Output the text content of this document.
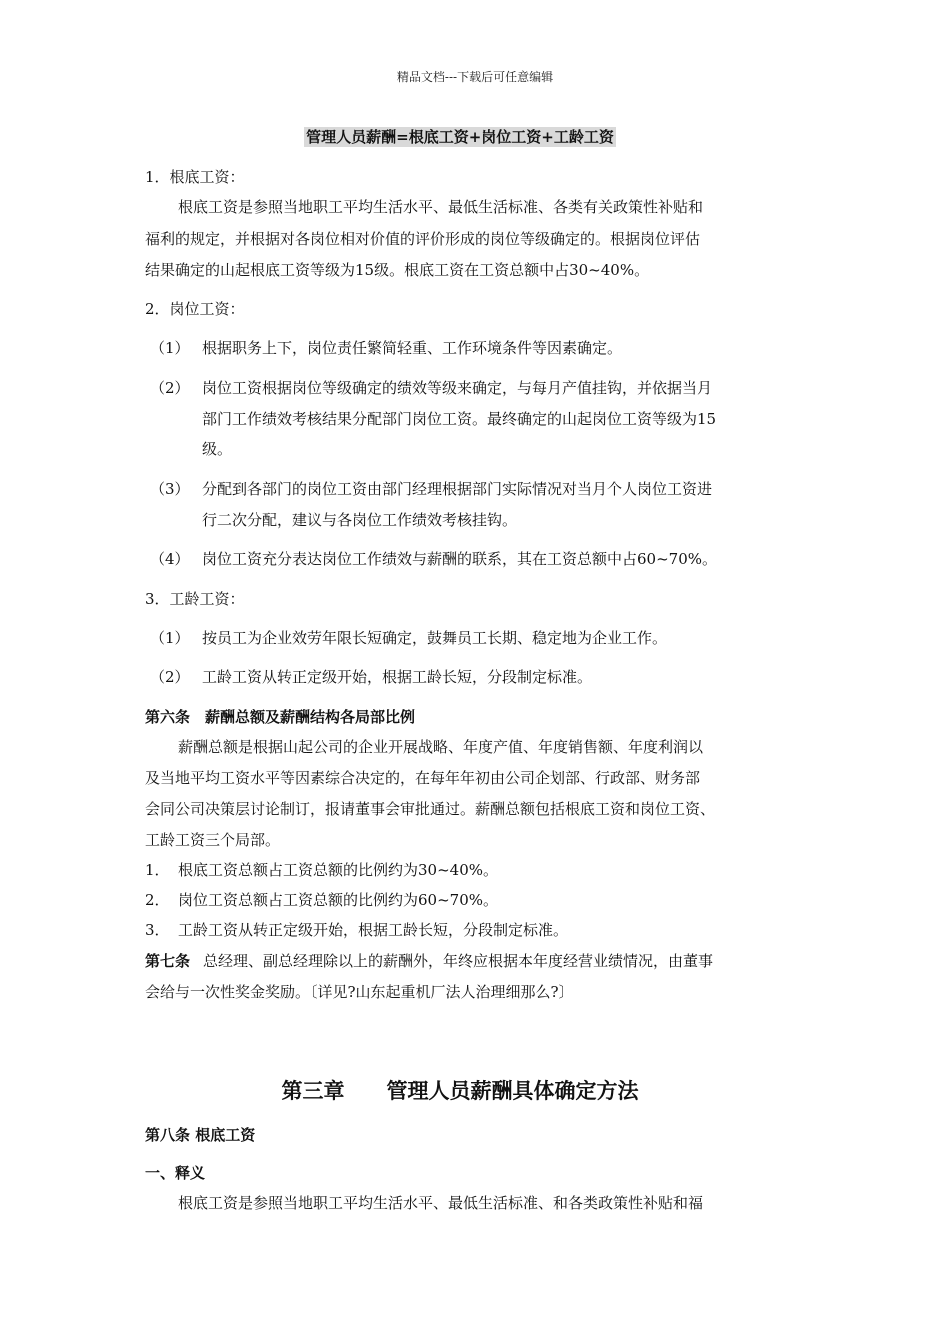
精品文档---下载后可任意编辑
管理人员薪酬=根底工资+岗位工资+工龄工资
1．根底工资：
根底工资是参照当地职工平均生活水平、最低生活标准、各类有关政策性补贴和
福利的规定，并根据对各岗位相对价值的评价形成的岗位等级确定的。根据岗位评估
结果确定的山起根底工资等级为15级。根底工资在工资总额中占30~40%。
2．岗位工资：
（1） 根据职务上下，岗位责任繁简轻重、工作环境条件等因素确定。
（2） 岗位工资根据岗位等级确定的绩效等级来确定，与每月产值挂钩，并依据当月
部门工作绩效考核结果分配部门岗位工资。最终确定的山起岗位工资等级为15
级。
（3） 分配到各部门的岗位工资由部门经理根据部门实际情况对当月个人岗位工资进
行二次分配，建议与各岗位工作绩效考核挂钩。
（4） 岗位工资充分表达岗位工作绩效与薪酬的联系，其在工资总额中占60~70%。
3．工龄工资：
（1） 按员工为企业效劳年限长短确定，鼓舞员工长期、稳定地为企业工作。
（2） 工龄工资从转正定级开始，根据工龄长短，分段制定标准。
第六条　薪酬总额及薪酬结构各局部比例
薪酬总额是根据山起公司的企业开展战略、年度产值、年度销售额、年度利润以
及当地平均工资水平等因素综合决定的，在每年年初由公司企划部、行政部、财务部
会同公司决策层讨论制订，报请董事会审批通过。薪酬总额包括根底工资和岗位工资、
工龄工资三个局部。
1． 根底工资总额占工资总额的比例约为30~40%。
2． 岗位工资总额占工资总额的比例约为60~70%。
3． 工龄工资从转正定级开始，根据工龄长短，分段制定标准。
第七条 总经理、副总经理除以上的薪酬外，年终应根据本年度经营业绩情况，由董事
会给与一次性奖金奖励。〔详见?山东起重机厂法人治理细那么?〕
第三章　　管理人员薪酬具体确定方法
第八条 根底工资
一、释义
根底工资是参照当地职工平均生活水平、最低生活标准、和各类政策性补贴和福
